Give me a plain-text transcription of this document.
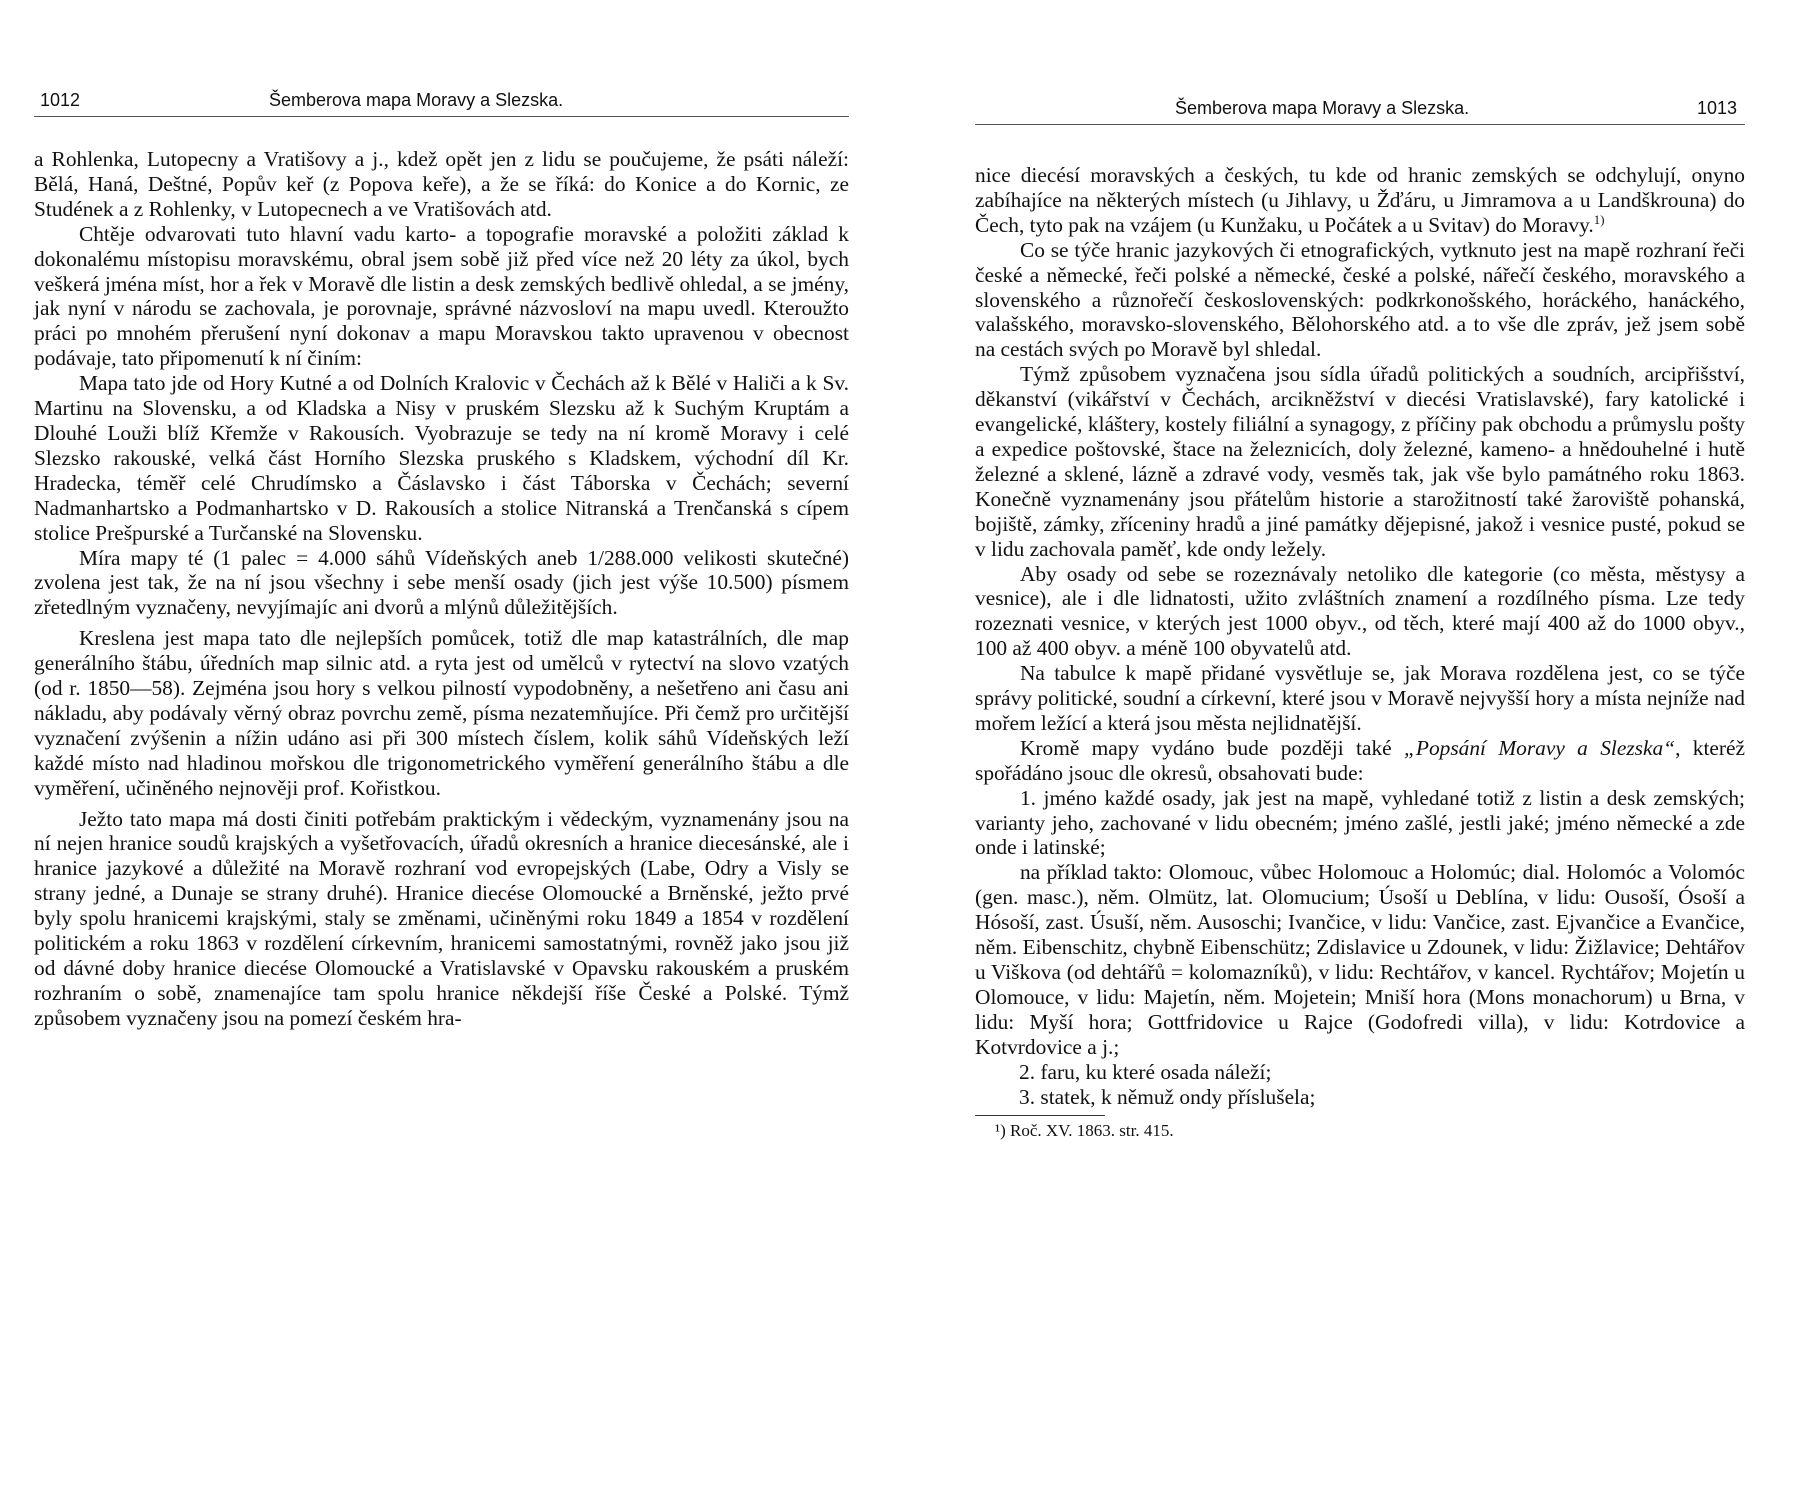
1012	Šemberova mapa Moravy a Slezska.

a Rohlenka, Lutopecny a Vratišovy a j., kdež opět jen z lidu se poučujeme, že psáti náleží: Bělá, Haná, Deštné, Popův keř (z Popova keře), a že se říká: do Konice a do Kornic, ze Studének a z Rohlenky, v Lutopecnech a ve Vratišovách atd.

Chtěje odvarovati tuto hlavní vadu karto- a topografie moravské a položiti základ k dokonalému místopisu moravskému, obral jsem sobě již před více než 20 léty za úkol, bych veškerá jména míst, hor a řek v Moravě dle listin a desk zemských bedlivě ohledal, a se jmény, jak nyní v národu se zachovala, je porovnaje, správné názvosloví na mapu uvedl. Kteroužto práci po mnohém přerušení nyní dokonav a mapu Moravskou takto upravenou v obecnost podávaje, tato připomenutí k ní činím:

Mapa tato jde od Hory Kutné a od Dolních Kralovic v Čechách až k Bělé v Haliči a k Sv. Martinu na Slovensku, a od Kladska a Nisy v pruském Slezsku až k Suchým Kruptám a Dlouhé Louži blíž Křemže v Rakousích. Vyobrazuje se tedy na ní kromě Moravy i celé Slezsko rakouské, velká část Horního Slezska pruského s Kladskem, východní díl Kr. Hradecka, téměř celé Chrudímsko a Čáslavsko i část Táborska v Čechách; severní Nadmanhartsko a Podmanhartsko v D. Rakousích a stolice Nitranská a Trenčanská s cípem stolice Prešpurské a Turčanské na Slovensku.

Míra mapy té (1 palec = 4.000 sáhů Vídeňských aneb 1/288.000 velikosti skutečné) zvolena jest tak, že na ní jsou všechny i sebe menší osady (jich jest výše 10.500) písmem zřetedlným vyznačeny, nevyjímajíc ani dvorů a mlýnů důležitějších.

Kreslena jest mapa tato dle nejlepších pomůcek, totiž dle map katastrálních, dle map generálního štábu, úředních map silnic atd. a ryta jest od umělců v rytectví na slovo vzatých (od r. 1850—58). Zejména jsou hory s velkou pilností vypodobněny, a nešetřeno ani času ani nákladu, aby podávaly věrný obraz povrchu země, písma nezatemňujíce. Při čemž pro určitější vyznačení zvýšenin a nížin udáno asi při 300 místech číslem, kolik sáhů Vídeňských leží každé místo nad hladinou mořskou dle trigonometrického vyměření generálního štábu a dle vyměření, učiněného nejnověji prof. Kořistkou.

Ježto tato mapa má dosti činiti potřebám praktickým i vědeckým, vyznamenány jsou na ní nejen hranice soudů krajských a vyšetřovacích, úřadů okresních a hranice diecesánské, ale i hranice jazykové a důležité na Moravě rozhraní vod evropejských (Labe, Odry a Visly se strany jedné, a Dunaje se strany druhé). Hranice diecése Olomoucké a Brněnské, ježto prvé byly spolu hranicemi krajskými, staly se změnami, učiněnými roku 1849 a 1854 v rozdělení politickém a roku 1863 v rozdělení církevním, hranicemi samostatnými, rovněž jako jsou již od dávné doby hranice diecése Olomoucké a Vratislavské v Opavsku rakouském a pruském rozhraním o sobě, znamenajíce tam spolu hranice někdejší říše České a Polské. Týmž způsobem vyznačeny jsou na pomezí českém hra-

Šemberova mapa Moravy a Slezska.	1013

nice diecésí moravských a českých, tu kde od hranic zemských se odchylují, onyno zabíhajíce na některých místech (u Jihlavy, u Žďáru, u Jimramova a u Landškrouna) do Čech, tyto pak na vzájem (u Kunžaku, u Počátek a u Svitav) do Moravy.$^{1)}$

Co se týče hranic jazykových či etnografických, vytknuto jest na mapě rozhraní řeči české a německé, řeči polské a německé, české a polské, nářečí českého, moravského a slovenského a různořečí československých: podkrkonošského, horáckého, hanáckého, valašského, moravsko-slovenského, Bělohorského atd. a to vše dle zpráv, jež jsem sobě na cestách svých po Moravě byl shledal.

Týmž způsobem vyznačena jsou sídla úřadů politických a soudních, arcipřišství, děkanství (vikářství v Čechách, arcikněžství v diecési Vratislavské), fary katolické i evangelické, kláštery, kostely filiální a synagogy, z příčiny pak obchodu a průmyslu pošty a expedice poštovské, štace na železnicích, doly železné, kameno- a hnědouhelné i hutě železné a sklené, lázně a zdravé vody, vesměs tak, jak vše bylo památného roku 1863. Konečně vyznamenány jsou přátelům historie a starožitností také žaroviště pohanská, bojiště, zámky, zříceniny hradů a jiné památky dějepisné, jakož i vesnice pusté, pokud se v lidu zachovala paměť, kde ondy ležely.

Aby osady od sebe se rozeznávaly netoliko dle kategorie (co města, městysy a vesnice), ale i dle lidnatosti, užito zvláštních znamení a rozdílného písma. Lze tedy rozeznati vesnice, v kterých jest 1000 obyv., od těch, které mají 400 až do 1000 obyv., 100 až 400 obyv. a méně 100 obyvatelů atd.

Na tabulce k mapě přidané vysvětluje se, jak Morava rozdělena jest, co se týče správy politické, soudní a církevní, které jsou v Moravě nejvyšší hory a místa nejníže nad mořem ležící a která jsou města nejlidnatější.

Kromě mapy vydáno bude později také „Popsání Moravy a Slezska“, kteréž spořádáno jsouc dle okresů, obsahovati bude:

1. jméno každé osady, jak jest na mapě, vyhledané totiž z listin a desk zemských; varianty jeho, zachované v lidu obecném; jméno zašlé, jestli jaké; jméno německé a zde onde i latinské;

na příklad takto: Olomouc, vůbec Holomouc a Holomúc; dial. Holomóc a Volomóc (gen. masc.), něm. Olmütz, lat. Olomucium; Úsoší u Deblína, v lidu: Ousoší, Ósoší a Hósoší, zast. Úsuší, něm. Ausoschi; Ivančice, v lidu: Vančice, zast. Ejvančice a Evančice, něm. Eibenschitz, chybně Eibenschütz; Zdislavice u Zdounek, v lidu: Žižlavice; Dehtářov u Viškova (od dehtářů = kolomazníků), v lidu: Rechtářov, v kancel. Rychtářov; Mojetín u Olomouce, v lidu: Majetín, něm. Mojetein; Mniší hora (Mons monachorum) u Brna, v lidu: Myší hora; Gottfridovice u Rajce (Godofredi villa), v lidu: Kotrdovice a Kotvrdovice a j.;

2. faru, ku které osada náleží;

3. statek, k němuž ondy příslušela;

¹) Roč. XV. 1863. str. 415.
